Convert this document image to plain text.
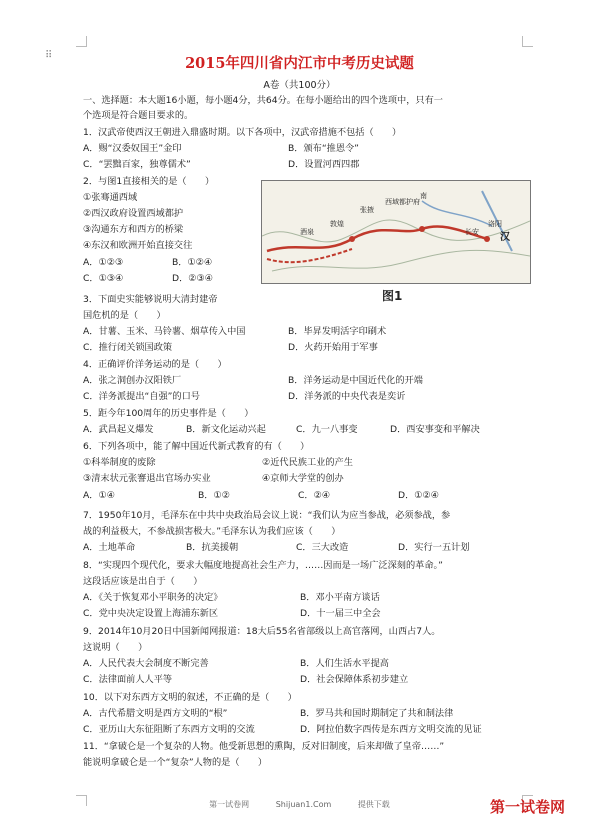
⠿	2015年四川省内江市中考历史试题
A卷（共100分）
一、选择题：本大题16小题，每小题4分，共64分。在每小题给出的四个选项中，只有一
个选项是符合题目要求的。
1．汉武帝使西汉王朝进入鼎盛时期。以下各项中，汉武帝措施不包括（　　）
A．赐“汉委奴国王”金印	B．颁布“推恩令”
C．“罢黜百家，独尊儒术”	D．设置河西四郡
2．与图1直接相关的是（　　）
①张骞通西域
②西汉政府设置西域都护
③沟通东方和西方的桥梁
④东汉和欧洲开始直接交往
A．①②③	B．①②④
C．①③④	D．②③④
酒泉
敦煌
张掖
西域都护府
长安
洛阳
汉
南
图1
3．下面史实能够说明大清封建帝
国危机的是（　　）
A．甘薯、玉米、马铃薯、烟草传入中国	B．毕昇发明活字印刷术
C．推行闭关锁国政策	D．火药开始用于军事
4．正确评价洋务运动的是（　　）
A．张之洞创办汉阳铁厂	B．洋务运动是中国近代化的开端
C．洋务派提出“自强”的口号	D．洋务派的中央代表是奕䜣
5．距今年100周年的历史事件是（　　）
A．武昌起义爆发	B．新文化运动兴起	C．九一八事变	D．西安事变和平解决
6．下列各项中，能了解中国近代新式教育的有（　　）
①科举制度的废除	②近代民族工业的产生
③清末状元张謇退出官场办实业	④京师大学堂的创办
A．①④	B．①②	C．②④	D．①②④
7．1950年10月，毛泽东在中共中央政治局会议上说：“我们认为应当参战，必须参战，参
战的利益极大，不参战损害极大。”毛泽东认为我们应该（　　）
A．土地革命	B．抗美援朝	C．三大改造	D．实行一五计划
8．“实现四个现代化，要求大幅度地提高社会生产力，……因而是一场广泛深刻的革命。”
这段话应该是出自于（　　）
A．《关于恢复邓小平职务的决定》	B．邓小平南方谈话
C．党中央决定设置上海浦东新区	D．十一届三中全会
9．2014年10月20日中国新闻网报道：18大后55名省部级以上高官落网，山西占7人。
这说明（　　）
A．人民代表大会制度不断完善	B．人们生活水平提高
C．法律面前人人平等	D．社会保障体系初步建立
10．以下对东西方文明的叙述，不正确的是（　　）
A．古代希腊文明是西方文明的“根”	B．罗马共和国时期制定了共和制法律
C．亚历山大东征阻断了东西方文明的交流	D．阿拉伯数字西传是东西方文明交流的见证
11．“拿破仑是一个复杂的人物。他受新思想的熏陶，反对旧制度，后来却做了皇帝……”
能说明拿破仑是一个“复杂”人物的是（　　）
第一试卷网	Shijuan1.Com	提供下载	第一试卷网
